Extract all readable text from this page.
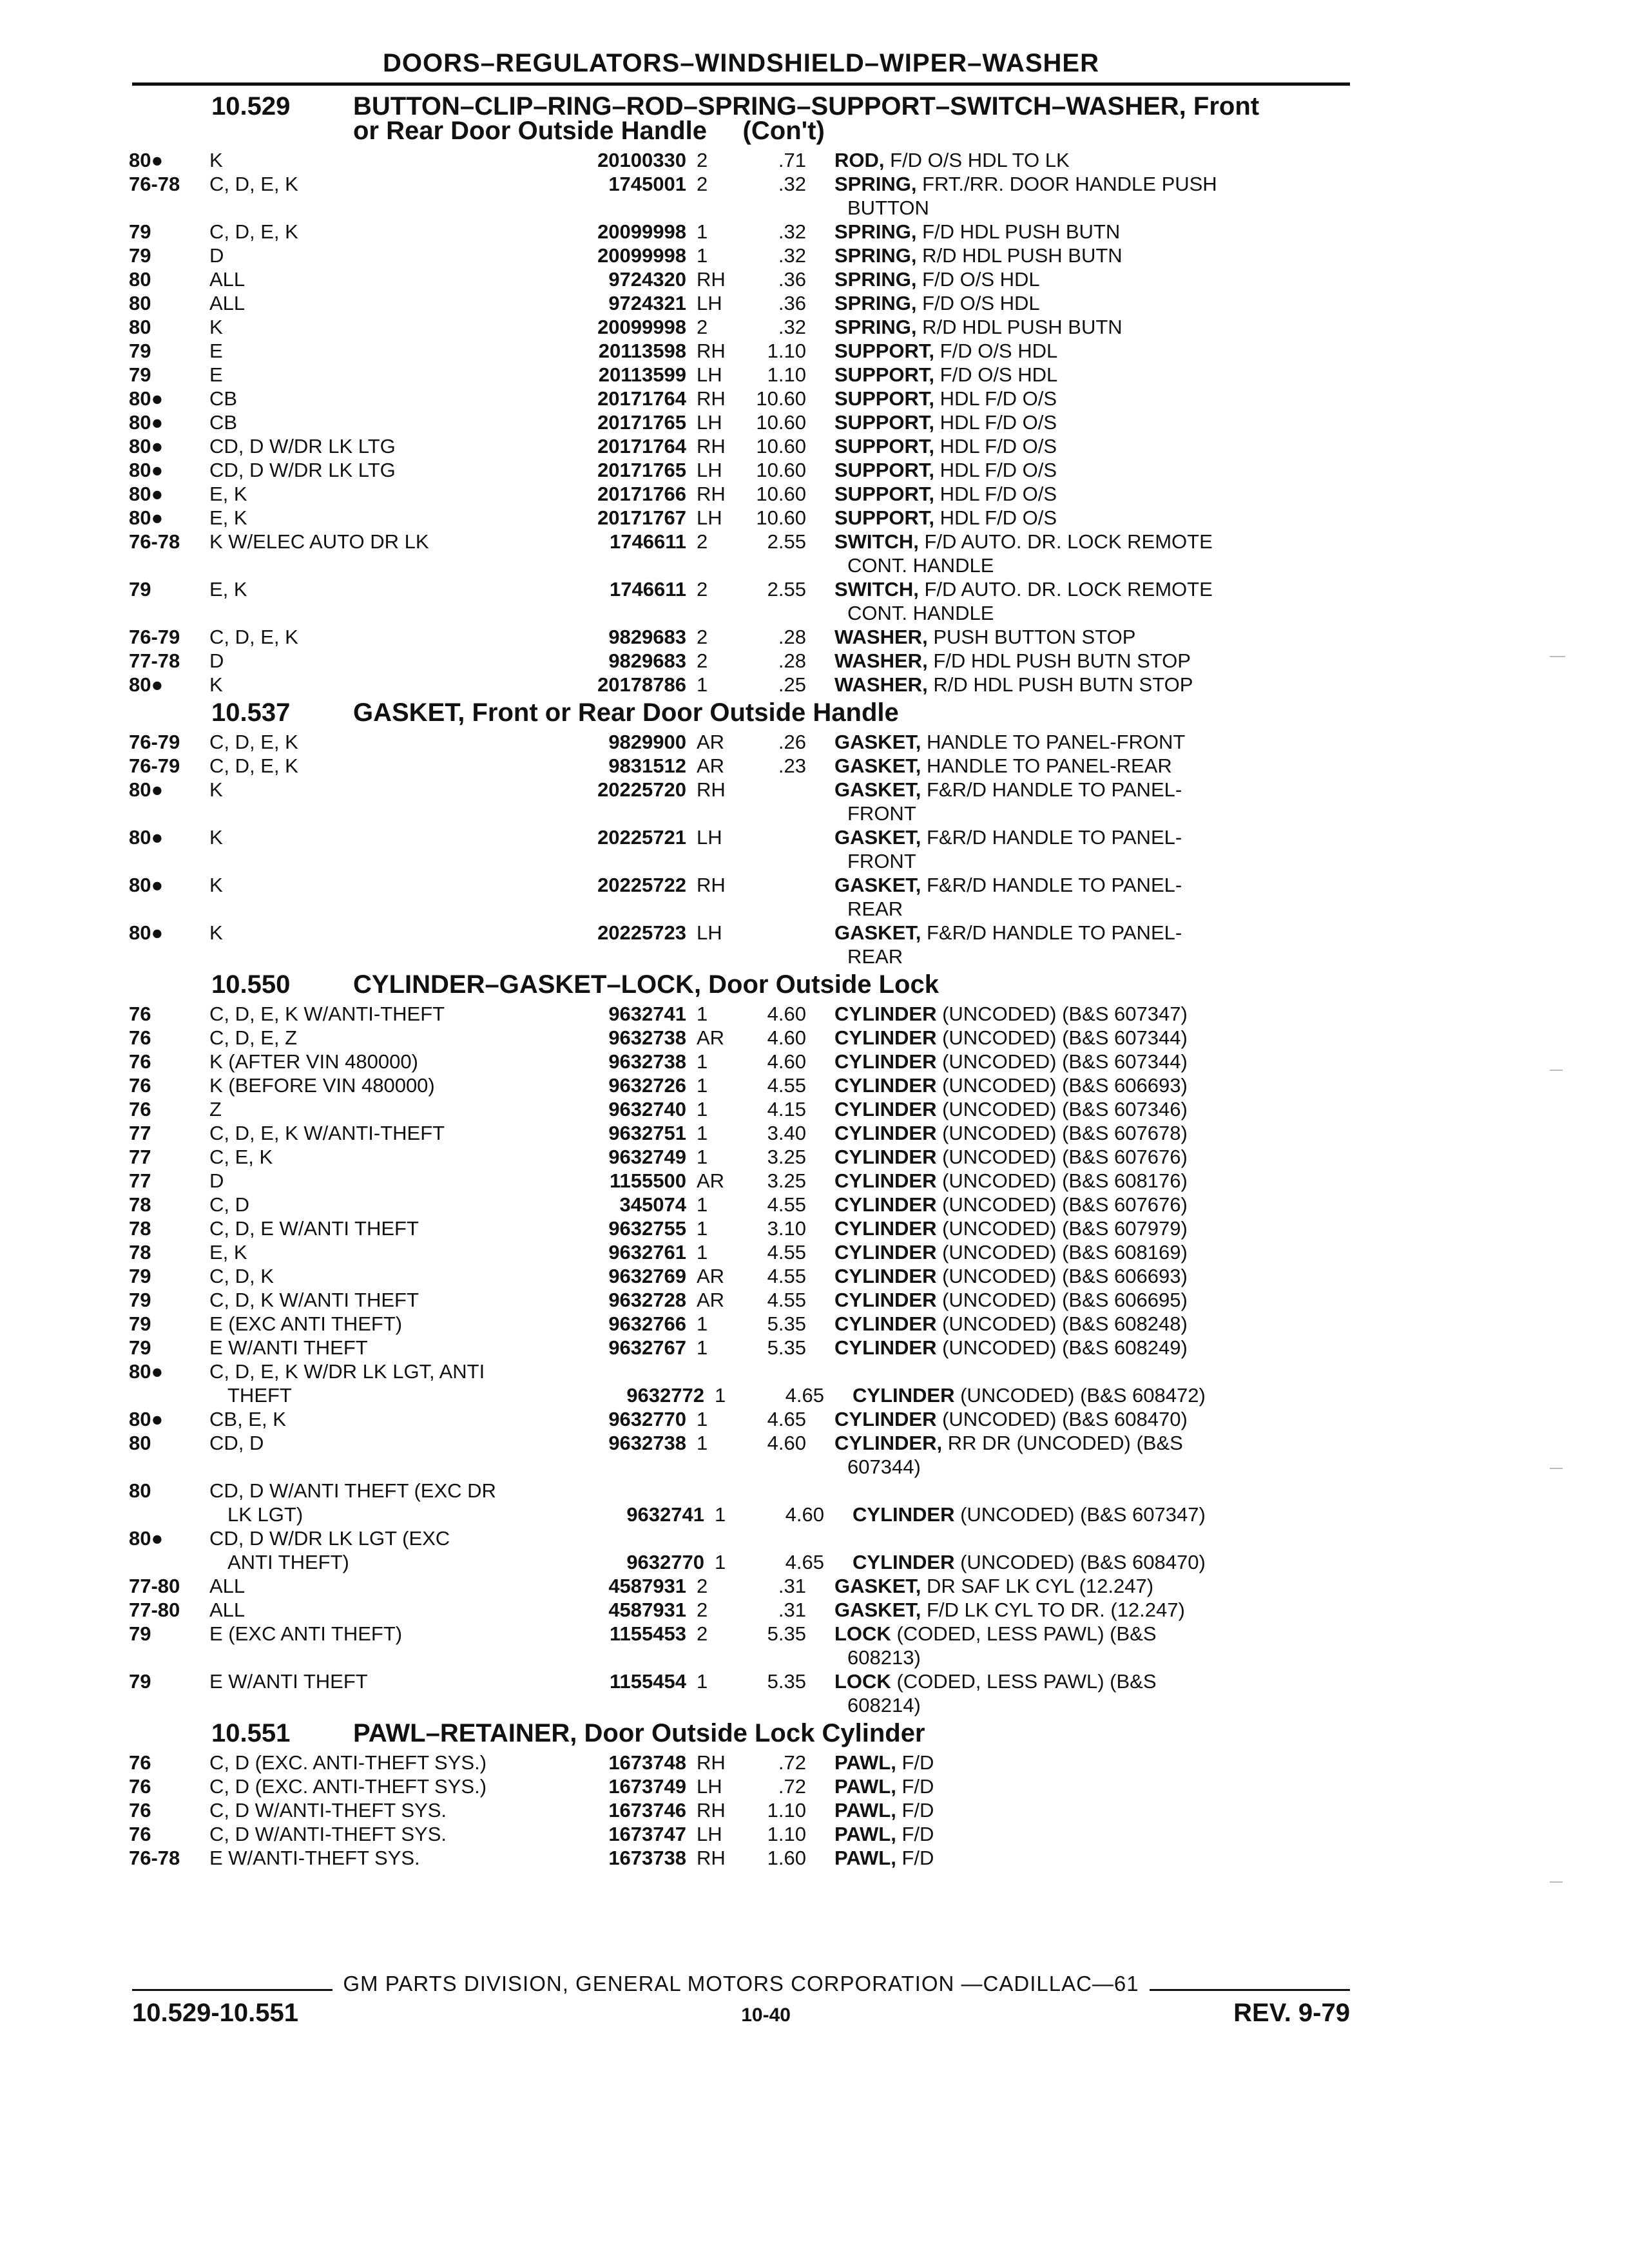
DOORS–REGULATORS–WINDSHIELD–WIPER–WASHER
10.529	BUTTON–CLIP–RING–ROD–SPRING–SUPPORT–SWITCH–WASHER, Front
or Rear Door Outside Handle     (Con't)
80●	K	20100330 2	.71	ROD, F/D O/S HDL TO LK
76-78	C, D, E, K	1745001 2	.32	SPRING, FRT./RR. DOOR HANDLE PUSH
BUTTON
79	C, D, E, K	20099998 1	.32	SPRING, F/D HDL PUSH BUTN
79	D	20099998 1	.32	SPRING, R/D HDL PUSH BUTN
80	ALL	9724320 RH	.36	SPRING, F/D O/S HDL
80	ALL	9724321 LH	.36	SPRING, F/D O/S HDL
80	K	20099998 2	.32	SPRING, R/D HDL PUSH BUTN
79	E	20113598 RH	1.10	SUPPORT, F/D O/S HDL
79	E	20113599 LH	1.10	SUPPORT, F/D O/S HDL
80●	CB	20171764 RH	10.60	SUPPORT, HDL F/D O/S
80●	CB	20171765 LH	10.60	SUPPORT, HDL F/D O/S
80●	CD, D W/DR LK LTG	20171764 RH	10.60	SUPPORT, HDL F/D O/S
80●	CD, D W/DR LK LTG	20171765 LH	10.60	SUPPORT, HDL F/D O/S
80●	E, K	20171766 RH	10.60	SUPPORT, HDL F/D O/S
80●	E, K	20171767 LH	10.60	SUPPORT, HDL F/D O/S
76-78	K W/ELEC AUTO DR LK	1746611 2	2.55	SWITCH, F/D AUTO. DR. LOCK REMOTE
CONT. HANDLE
79	E, K	1746611 2	2.55	SWITCH, F/D AUTO. DR. LOCK REMOTE
CONT. HANDLE
76-79	C, D, E, K	9829683 2	.28	WASHER, PUSH BUTTON STOP
77-78	D	9829683 2	.28	WASHER, F/D HDL PUSH BUTN STOP
80●	K	20178786 1	.25	WASHER, R/D HDL PUSH BUTN STOP
10.537	GASKET, Front or Rear Door Outside Handle
76-79	C, D, E, K	9829900 AR	.26	GASKET, HANDLE TO PANEL-FRONT
76-79	C, D, E, K	9831512 AR	.23	GASKET, HANDLE TO PANEL-REAR
80●	K	20225720 RH	GASKET, F&R/D HANDLE TO PANEL-
FRONT
80●	K	20225721 LH	GASKET, F&R/D HANDLE TO PANEL-
FRONT
80●	K	20225722 RH	GASKET, F&R/D HANDLE TO PANEL-
REAR
80●	K	20225723 LH	GASKET, F&R/D HANDLE TO PANEL-
REAR
10.550	CYLINDER–GASKET–LOCK, Door Outside Lock
76	C, D, E, K W/ANTI-THEFT	9632741 1	4.60	CYLINDER (UNCODED) (B&S 607347)
76	C, D, E, Z	9632738 AR	4.60	CYLINDER (UNCODED) (B&S 607344)
76	K (AFTER VIN 480000)	9632738 1	4.60	CYLINDER (UNCODED) (B&S 607344)
76	K (BEFORE VIN 480000)	9632726 1	4.55	CYLINDER (UNCODED) (B&S 606693)
76	Z	9632740 1	4.15	CYLINDER (UNCODED) (B&S 607346)
77	C, D, E, K W/ANTI-THEFT	9632751 1	3.40	CYLINDER (UNCODED) (B&S 607678)
77	C, E, K	9632749 1	3.25	CYLINDER (UNCODED) (B&S 607676)
77	D	1155500 AR	3.25	CYLINDER (UNCODED) (B&S 608176)
78	C, D	345074 1	4.55	CYLINDER (UNCODED) (B&S 607676)
78	C, D, E W/ANTI THEFT	9632755 1	3.10	CYLINDER (UNCODED) (B&S 607979)
78	E, K	9632761 1	4.55	CYLINDER (UNCODED) (B&S 608169)
79	C, D, K	9632769 AR	4.55	CYLINDER (UNCODED) (B&S 606693)
79	C, D, K W/ANTI THEFT	9632728 AR	4.55	CYLINDER (UNCODED) (B&S 606695)
79	E (EXC ANTI THEFT)	9632766 1	5.35	CYLINDER (UNCODED) (B&S 608248)
79	E W/ANTI THEFT	9632767 1	5.35	CYLINDER (UNCODED) (B&S 608249)
80●	C, D, E, K W/DR LK LGT, ANTI
THEFT	9632772 1	4.65	CYLINDER (UNCODED) (B&S 608472)
80●	CB, E, K	9632770 1	4.65	CYLINDER (UNCODED) (B&S 608470)
80	CD, D	9632738 1	4.60	CYLINDER, RR DR (UNCODED) (B&S
607344)
80	CD, D W/ANTI THEFT (EXC DR
LK LGT)	9632741 1	4.60	CYLINDER (UNCODED) (B&S 607347)
80●	CD, D W/DR LK LGT (EXC
ANTI THEFT)	9632770 1	4.65	CYLINDER (UNCODED) (B&S 608470)
77-80	ALL	4587931 2	.31	GASKET, DR SAF LK CYL (12.247)
77-80	ALL	4587931 2	.31	GASKET, F/D LK CYL TO DR. (12.247)
79	E (EXC ANTI THEFT)	1155453 2	5.35	LOCK (CODED, LESS PAWL) (B&S
608213)
79	E W/ANTI THEFT	1155454 1	5.35	LOCK (CODED, LESS PAWL) (B&S
608214)
10.551	PAWL–RETAINER, Door Outside Lock Cylinder
76	C, D (EXC. ANTI-THEFT SYS.)	1673748 RH	.72	PAWL, F/D
76	C, D (EXC. ANTI-THEFT SYS.)	1673749 LH	.72	PAWL, F/D
76	C, D W/ANTI-THEFT SYS.	1673746 RH	1.10	PAWL, F/D
76	C, D W/ANTI-THEFT SYS.	1673747 LH	1.10	PAWL, F/D
76-78	E W/ANTI-THEFT SYS.	1673738 RH	1.60	PAWL, F/D
GM PARTS DIVISION, GENERAL MOTORS CORPORATION —CADILLAC—61
10.529-10.551	10-40	REV. 9-79
